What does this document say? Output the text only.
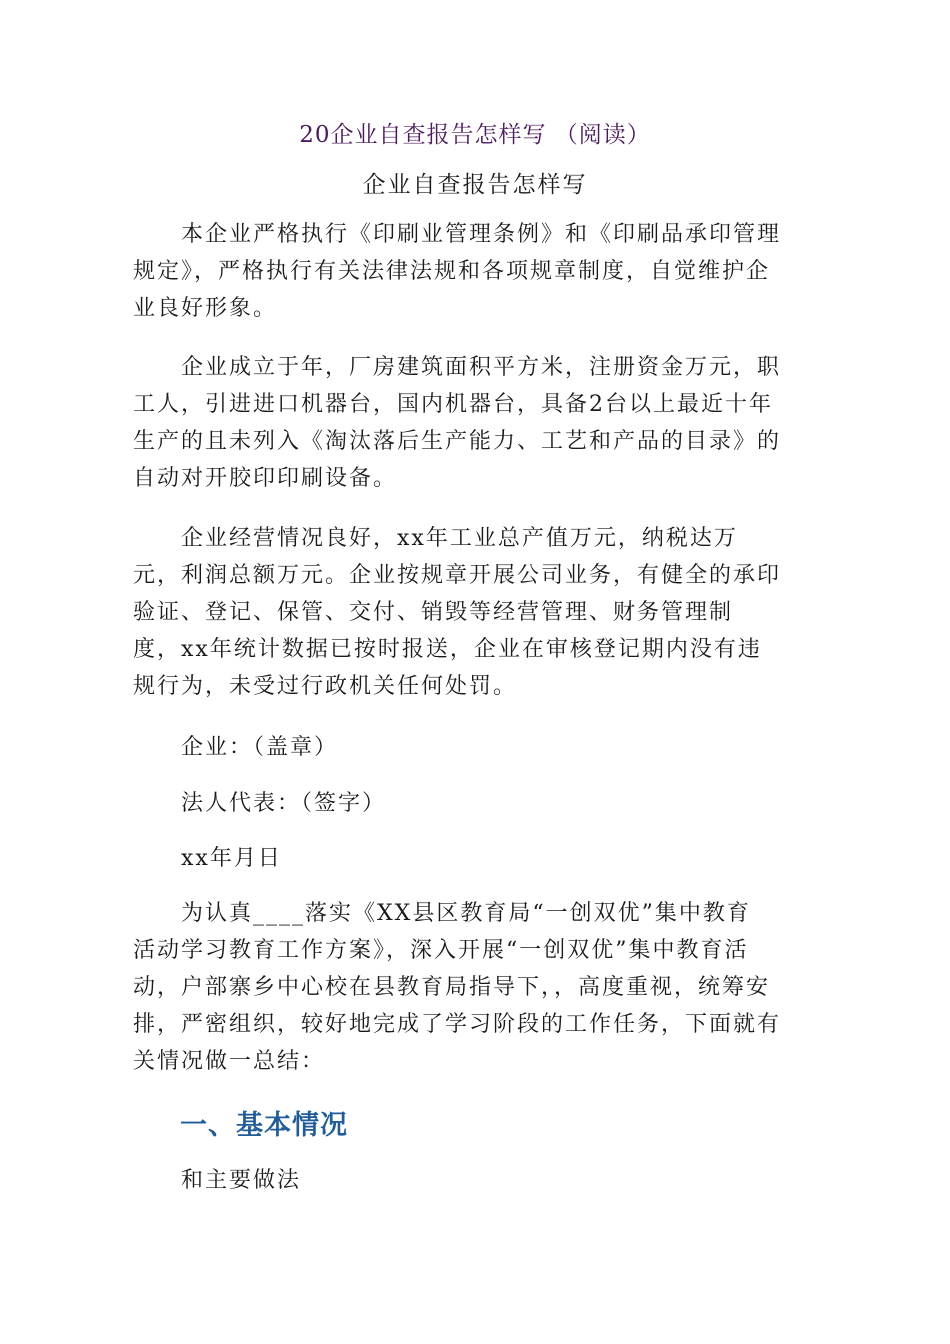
20企业自查报告怎样写 （阅读）
企业自查报告怎样写

本企业严格执行《印刷业管理条例》和《印刷品承印管理
规定》，严格执行有关法律法规和各项规章制度，自觉维护企
业良好形象。

企业成立于年，厂房建筑面积平方米，注册资金万元，职
工人，引进进口机器台，国内机器台，具备2台以上最近十年
生产的且未列入《淘汰落后生产能力、工艺和产品的目录》的
自动对开胶印印刷设备。

企业经营情况良好，xx年工业总产值万元，纳税达万
元，利润总额万元。企业按规章开展公司业务，有健全的承印
验证、登记、保管、交付、销毁等经营管理、财务管理制
度，xx年统计数据已按时报送，企业在审核登记期内没有违
规行为，未受过行政机关任何处罚。

企业：（盖章）

法人代表：（签字）

xx年月日

为认真____落实《XX县区教育局“一创双优”集中教育
活动学习教育工作方案》，深入开展“一创双优”集中教育活
动，户部寨乡中心校在县教育局指导下，，高度重视，统筹安
排，严密组织，较好地完成了学习阶段的工作任务，下面就有
关情况做一总结：

一、基本情况

和主要做法
